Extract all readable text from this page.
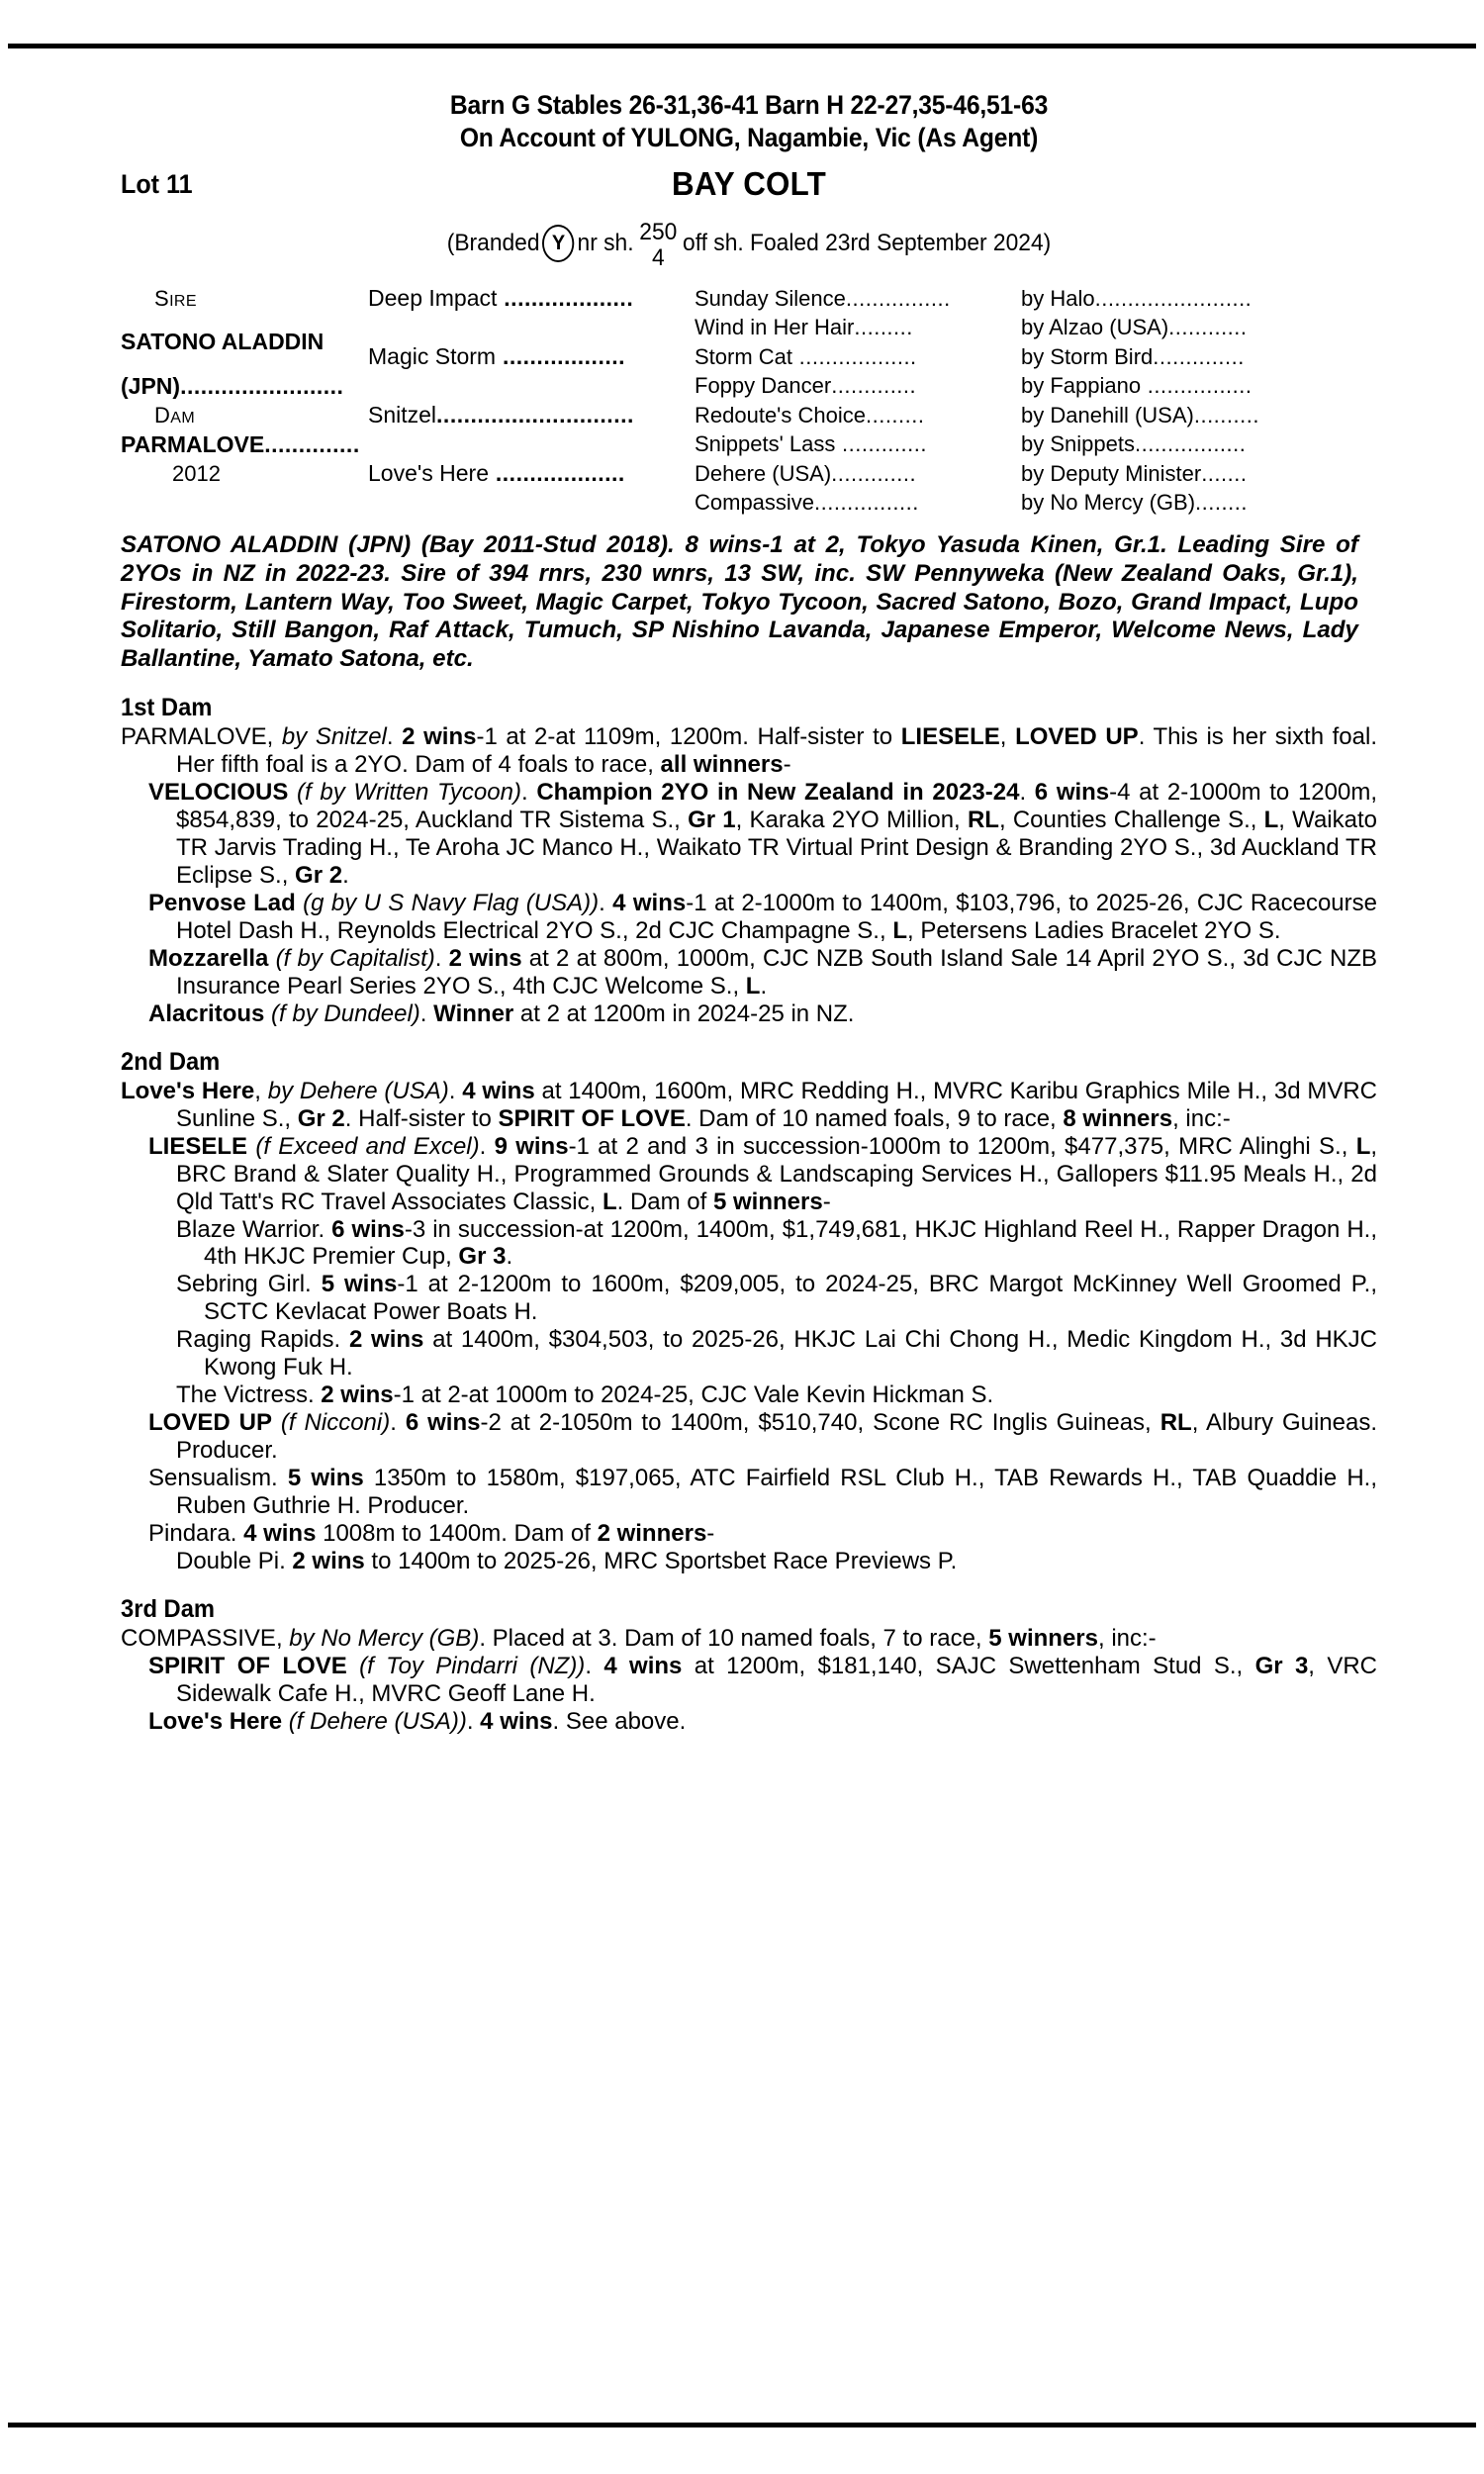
Barn G Stables 26-31,36-41 Barn H 22-27,35-46,51-63
On Account of YULONG, Nagambie, Vic (As Agent)
Lot 11	BAY COLT
(Branded Y nr sh. 250
4
off sh. Foaled 23rd September 2024)
SIRE	Deep Impact ...................	Sunday Silence................	by Halo........................
SATONO ALADDIN		Wind in Her Hair.........	by Alzao (USA)............
	Magic Storm ..................	Storm Cat ..................	by Storm Bird..............
(JPN)........................		Foppy Dancer.............	by Fappiano ................
DAM	Snitzel.............................	Redoute's Choice.........	by Danehill (USA)..........
PARMALOVE..............		Snippets' Lass .............	by Snippets.................
2012	Love's Here ...................	Dehere (USA).............	by Deputy Minister.......
		Compassive................	by No Mercy (GB)........
SATONO ALADDIN (JPN) (Bay 2011-Stud 2018). 8 wins-1 at 2, Tokyo Yasuda Kinen, Gr.1. Leading Sire of 2YOs in NZ in 2022-23. Sire of 394 rnrs, 230 wnrs, 13 SW, inc. SW Pennyweka (New Zealand Oaks, Gr.1), Firestorm, Lantern Way, Too Sweet, Magic Carpet, Tokyo Tycoon, Sacred Satono, Bozo, Grand Impact, Lupo Solitario, Still Bangon, Raf Attack, Tumuch, SP Nishino Lavanda, Japanese Emperor, Welcome News, Lady Ballantine, Yamato Satona, etc.
1st Dam
PARMALOVE, by Snitzel. 2 wins-1 at 2-at 1109m, 1200m. Half-sister to LIESELE, LOVED UP. This is her sixth foal. Her fifth foal is a 2YO. Dam of 4 foals to race, all winners-
VELOCIOUS (f by Written Tycoon). Champion 2YO in New Zealand in 2023-24. 6 wins-4 at 2-1000m to 1200m, $854,839, to 2024-25, Auckland TR Sistema S., Gr 1, Karaka 2YO Million, RL, Counties Challenge S., L, Waikato TR Jarvis Trading H., Te Aroha JC Manco H., Waikato TR Virtual Print Design & Branding 2YO S., 3d Auckland TR Eclipse S., Gr 2.
Penvose Lad (g by U S Navy Flag (USA)). 4 wins-1 at 2-1000m to 1400m, $103,796, to 2025-26, CJC Racecourse Hotel Dash H., Reynolds Electrical 2YO S., 2d CJC Champagne S., L, Petersens Ladies Bracelet 2YO S.
Mozzarella (f by Capitalist). 2 wins at 2 at 800m, 1000m, CJC NZB South Island Sale 14 April 2YO S., 3d CJC NZB Insurance Pearl Series 2YO S., 4th CJC Welcome S., L.
Alacritous (f by Dundeel). Winner at 2 at 1200m in 2024-25 in NZ.
2nd Dam
Love's Here, by Dehere (USA). 4 wins at 1400m, 1600m, MRC Redding H., MVRC Karibu Graphics Mile H., 3d MVRC Sunline S., Gr 2. Half-sister to SPIRIT OF LOVE. Dam of 10 named foals, 9 to race, 8 winners, inc:-
LIESELE (f Exceed and Excel). 9 wins-1 at 2 and 3 in succession-1000m to 1200m, $477,375, MRC Alinghi S., L, BRC Brand & Slater Quality H., Programmed Grounds & Landscaping Services H., Gallopers $11.95 Meals H., 2d Qld Tatt's RC Travel Associates Classic, L. Dam of 5 winners-
Blaze Warrior. 6 wins-3 in succession-at 1200m, 1400m, $1,749,681, HKJC Highland Reel H., Rapper Dragon H., 4th HKJC Premier Cup, Gr 3.
Sebring Girl. 5 wins-1 at 2-1200m to 1600m, $209,005, to 2024-25, BRC Margot McKinney Well Groomed P., SCTC Kevlacat Power Boats H.
Raging Rapids. 2 wins at 1400m, $304,503, to 2025-26, HKJC Lai Chi Chong H., Medic Kingdom H., 3d HKJC Kwong Fuk H.
The Victress. 2 wins-1 at 2-at 1000m to 2024-25, CJC Vale Kevin Hickman S.
LOVED UP (f Nicconi). 6 wins-2 at 2-1050m to 1400m, $510,740, Scone RC Inglis Guineas, RL, Albury Guineas. Producer.
Sensualism. 5 wins 1350m to 1580m, $197,065, ATC Fairfield RSL Club H., TAB Rewards H., TAB Quaddie H., Ruben Guthrie H. Producer.
Pindara. 4 wins 1008m to 1400m. Dam of 2 winners-
Double Pi. 2 wins to 1400m to 2025-26, MRC Sportsbet Race Previews P.
3rd Dam
COMPASSIVE, by No Mercy (GB). Placed at 3. Dam of 10 named foals, 7 to race, 5 winners, inc:-
SPIRIT OF LOVE (f Toy Pindarri (NZ)). 4 wins at 1200m, $181,140, SAJC Swettenham Stud S., Gr 3, VRC Sidewalk Cafe H., MVRC Geoff Lane H.
Love's Here (f Dehere (USA)). 4 wins. See above.
